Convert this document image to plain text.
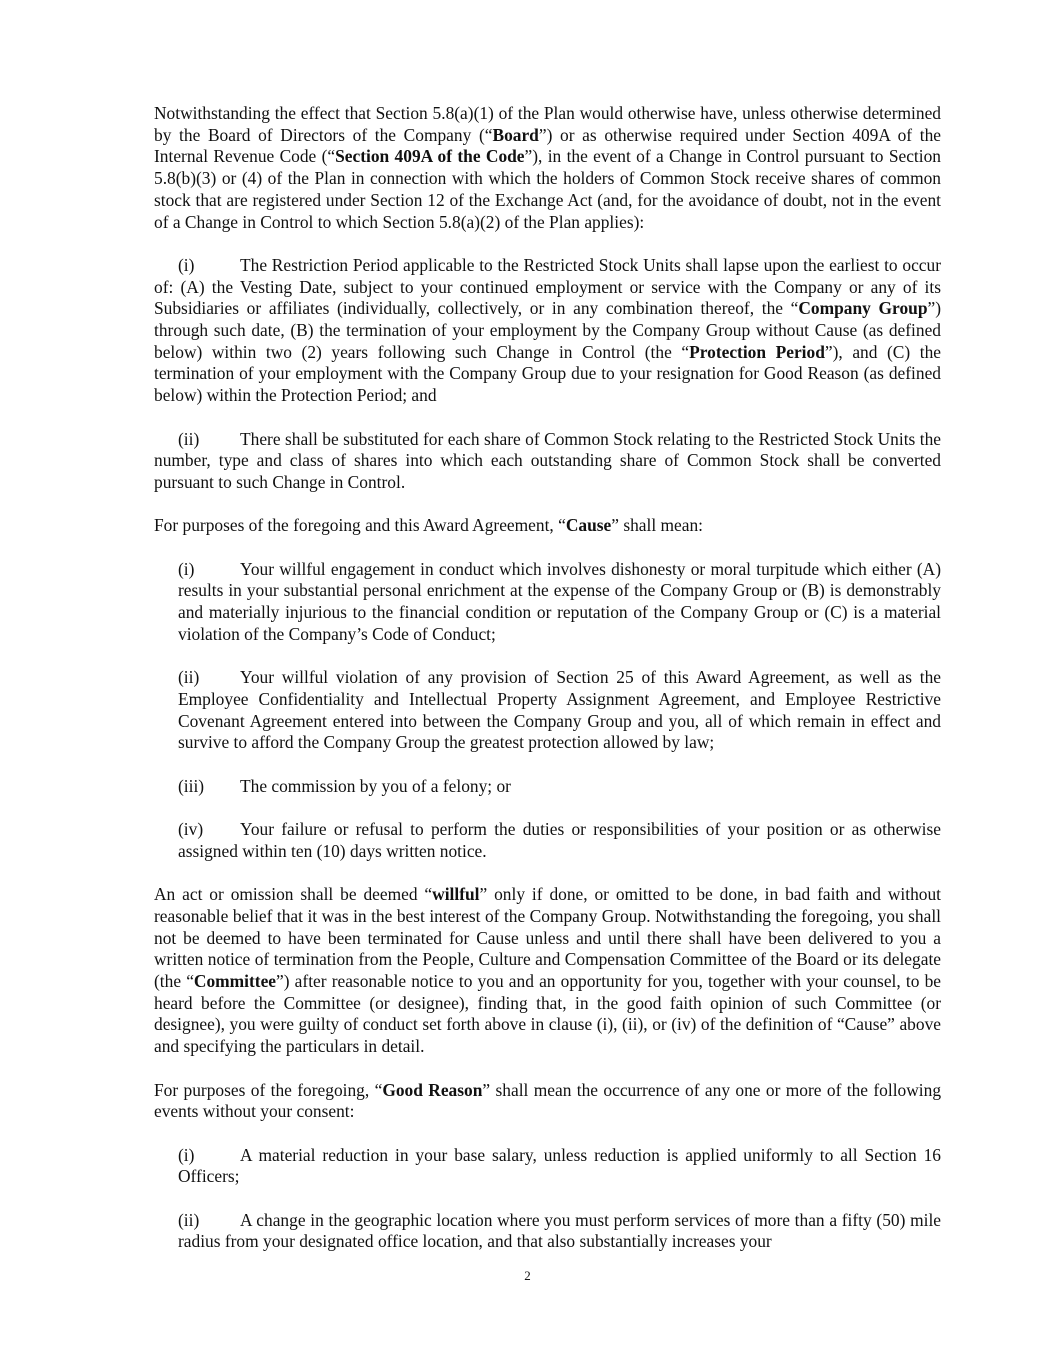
Notwithstanding the effect that Section 5.8(a)(1) of the Plan would otherwise have, unless otherwise determined by the Board of Directors of the Company (“Board”) or as otherwise required under Section 409A of the Internal Revenue Code (“Section 409A of the Code”), in the event of a Change in Control pursuant to Section 5.8(b)(3) or (4) of the Plan in connection with which the holders of Common Stock receive shares of common stock that are registered under Section 12 of the Exchange Act (and, for the avoidance of doubt, not in the event of a Change in Control to which Section 5.8(a)(2) of the Plan applies):

(i)	The Restriction Period applicable to the Restricted Stock Units shall lapse upon the earliest to occur of: (A) the Vesting Date, subject to your continued employment or service with the Company or any of its Subsidiaries or affiliates (individually, collectively, or in any combination thereof, the “Company Group”) through such date, (B) the termination of your employment by the Company Group without Cause (as defined below) within two (2) years following such Change in Control (the “Protection Period”), and (C) the termination of your employment with the Company Group due to your resignation for Good Reason (as defined below) within the Protection Period; and

(ii) There shall be substituted for each share of Common Stock relating to the Restricted Stock Units the number, type and class of shares into which each outstanding share of Common Stock shall be converted pursuant to such Change in Control.

For purposes of the foregoing and this Award Agreement, “Cause” shall mean:

(i)	Your willful engagement in conduct which involves dishonesty or moral turpitude which either (A) results in your substantial personal enrichment at the expense of the Company Group or (B) is demonstrably and materially injurious to the financial condition or reputation of the Company Group or (C) is a material violation of the Company’s Code of Conduct;

(ii) Your willful violation of any provision of Section 25 of this Award Agreement, as well as the Employee Confidentiality and Intellectual Property Assignment Agreement, and Employee Restrictive Covenant Agreement entered into between the Company Group and you, all of which remain in effect and survive to afford the Company Group the greatest protection allowed by law;

(iii) The commission by you of a felony; or

(iv) Your failure or refusal to perform the duties or responsibilities of your position or as otherwise assigned within ten (10) days written notice.

An act or omission shall be deemed “willful” only if done, or omitted to be done, in bad faith and without reasonable belief that it was in the best interest of the Company Group. Notwithstanding the foregoing, you shall not be deemed to have been terminated for Cause unless and until there shall have been delivered to you a written notice of termination from the People, Culture and Compensation Committee of the Board or its delegate (the “Committee”) after reasonable notice to you and an opportunity for you, together with your counsel, to be heard before the Committee (or designee), finding that, in the good faith opinion of such Committee (or designee), you were guilty of conduct set forth above in clause (i), (ii), or (iv) of the definition of “Cause” above and specifying the particulars in detail.

For purposes of the foregoing, “Good Reason” shall mean the occurrence of any one or more of the following events without your consent:

(i)	A material reduction in your base salary, unless reduction is applied uniformly to all Section 16 Officers;

(ii) A change in the geographic location where you must perform services of more than a fifty (50) mile radius from your designated office location, and that also substantially increases your

2
